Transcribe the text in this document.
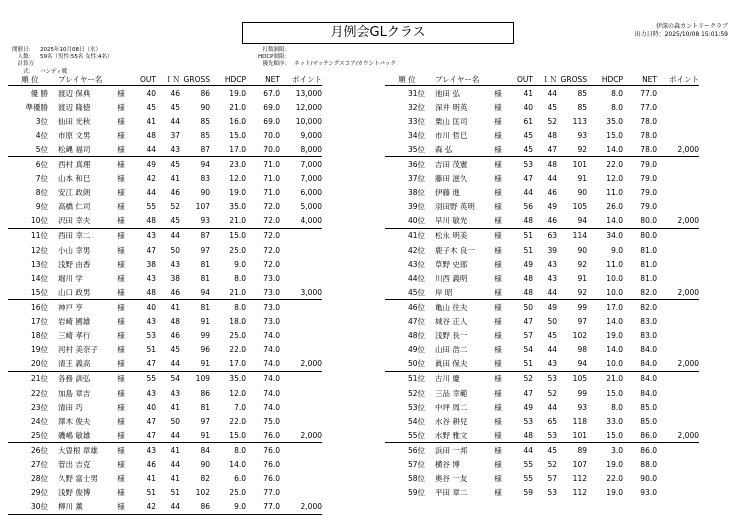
月例会GLクラス	伊深の森カントリークラブ
出力日時：2025/10/08 15:01:59
開催日： 2025年10月08日（水）
人数： 59名（男性:55名 女性:4名）
計算方式： ハンディ戦
打数制限：
HDCP制限：
優先順序： ネット/マッチングスコア/カウントバック
順 位	プレイヤー名		OUT	ＩＮ	GROSS	HDCP	NET	ポイント
優 勝	渡辺 保典	様	40	46	86	19.0	67.0	13,000
準優勝	渡辺 隆徳	様	45	45	90	21.0	69.0	12,000
3位	仙田 光秋	様	41	44	85	16.0	69.0	10,000
4位	市原 文男	様	48	37	85	15.0	70.0	9,000
5位	松縄 福司	様	44	43	87	17.0	70.0	8,000
6位	西村 真理	様	49	45	94	23.0	71.0	7,000
7位	山本 和巳	様	42	41	83	12.0	71.0	7,000
8位	安江 政朗	様	44	46	90	19.0	71.0	6,000
9位	高橋 仁司	様	55	52	107	35.0	72.0	5,000
10位	沢田 幸夫	様	48	45	93	21.0	72.0	4,000
11位	西田 幸二	様	43	44	87	15.0	72.0	
12位	小山 幸男	様	47	50	97	25.0	72.0	
13位	浅野 由香	様	38	43	81	9.0	72.0	
14位	堀川 学	様	43	38	81	8.0	73.0	
15位	山口 政男	様	48	46	94	21.0	73.0	3,000
16位	神戸 亨	様	40	41	81	8.0	73.0	
17位	岩崎 國雄	様	43	48	91	18.0	73.0	
18位	三崎 孝行	様	53	46	99	25.0	74.0	
19位	河村 美奈子	様	51	45	96	22.0	74.0	
20位	清王 義高	様	47	44	91	17.0	74.0	2,000
21位	各務 訓弘	様	55	54	109	35.0	74.0	
22位	加島 章吉	様	43	43	86	12.0	74.0	
23位	清田 巧	様	40	41	81	7.0	74.0	
24位	澤木 俊夫	様	47	50	97	22.0	75.0	
25位	磯嶋 敏雄	様	47	44	91	15.0	76.0	2,000
26位	大曽根 章雄	様	43	41	84	8.0	76.0	
27位	菅出 吉克	様	46	44	90	14.0	76.0	
28位	久野 富士男	様	41	41	82	6.0	76.0	
29位	浅野 俊博	様	51	51	102	25.0	77.0	
30位	柳川 薫	様	42	44	86	9.0	77.0	2,000
順 位	プレイヤー名		OUT	ＩＮ	GROSS	HDCP	NET	ポイント
31位	池田 弘	様	41	44	85	8.0	77.0	
32位	深井 明英	様	40	45	85	8.0	77.0	
33位	栗山 匡司	様	61	52	113	35.0	78.0	
34位	市川 哲巳	様	45	48	93	15.0	78.0	
35位	森 弘	様	45	47	92	14.0	78.0	2,000
36位	吉田 茂憲	様	53	48	101	22.0	79.0	
37位	藤田 滋久	様	47	44	91	12.0	79.0	
38位	伊藤 進	様	44	46	90	11.0	79.0	
39位	羽田野 英明	様	56	49	105	26.0	79.0	
40位	早川 敏光	様	48	46	94	14.0	80.0	2,000
41位	松永 明美	様	51	63	114	34.0	80.0	
42位	鹿子木 良一	様	51	39	90	9.0	81.0	
43位	草野 史郎	様	49	43	92	11.0	81.0	
44位	川西 義明	様	48	43	91	10.0	81.0	
45位	岸 昭	様	48	44	92	10.0	82.0	2,000
46位	亀山 住夫	様	50	49	99	17.0	82.0	
47位	城谷 正人	様	47	50	97	14.0	83.0	
48位	浅野 長一	様	57	45	102	19.0	83.0	
49位	山田 浩二	様	54	44	98	14.0	84.0	
50位	眞田 保夫	様	51	43	94	10.0	84.0	2,000
51位	古川 慶	様	52	53	105	21.0	84.0	
52位	三品 幸範	様	47	52	99	15.0	84.0	
53位	中坪 周二	様	49	44	93	8.0	85.0	
54位	水谷 耕兒	様	53	65	118	33.0	85.0	
55位	水野 雅文	様	48	53	101	15.0	86.0	2,000
56位	浜田 一邦	様	44	45	89	3.0	86.0	
57位	横谷 博	様	55	52	107	19.0	88.0	
58位	奥谷 一友	様	55	57	112	22.0	90.0	
59位	平田 章二	様	59	53	112	19.0	93.0	
